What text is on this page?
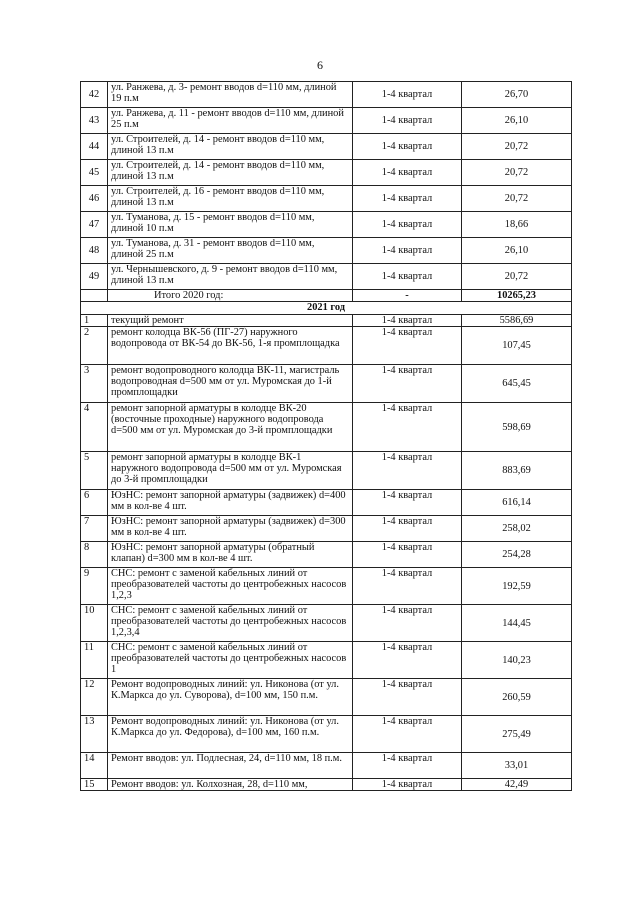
6
42	ул. Ранжева, д. 3- ремонт вводов d=110 мм, длиной 19 п.м	1-4 квартал	26,70
43	ул. Ранжева, д. 11 - ремонт вводов d=110 мм, длиной 25 п.м	1-4 квартал	26,10
44	ул. Строителей, д. 14 - ремонт вводов d=110 мм, длиной 13 п.м	1-4 квартал	20,72
45	ул. Строителей, д. 14 - ремонт вводов d=110 мм, длиной 13 п.м	1-4 квартал	20,72
46	ул. Строителей, д. 16 - ремонт вводов d=110 мм, длиной 13 п.м	1-4 квартал	20,72
47	ул. Туманова, д. 15 - ремонт вводов d=110 мм, длиной 10 п.м	1-4 квартал	18,66
48	ул. Туманова, д. 31 - ремонт вводов d=110 мм, длиной 25 п.м	1-4 квартал	26,10
49	ул. Чернышевского, д. 9 - ремонт вводов d=110 мм, длиной 13 п.м	1-4 квартал	20,72
	Итого 2020 год:	-	10265,23
2021 год			
1	текущий ремонт	1-4 квартал	5586,69
2	ремонт колодца ВК-56 (ПГ-27) наружного водопровода от ВК-54 до ВК-56, 1-я промплощадка	1-4 квартал	107,45
3	ремонт водопроводного колодца ВК-11, магистраль водопроводная d=500 мм от ул. Муромская до 1-й промплощадки	1-4 квартал	645,45
4	ремонт запорной арматуры в колодце ВК-20 (восточные проходные) наружного водопровода d=500 мм от ул. Муромская до 3-й промплощадки	1-4 квартал	598,69
5	ремонт запорной арматуры в колодце ВК-1 наружного водопровода d=500 мм от ул. Муромская до 3-й промплощадки	1-4 квартал	883,69
6	ЮзНС: ремонт запорной арматуры (задвижек) d=400 мм в кол-ве 4 шт.	1-4 квартал	616,14
7	ЮзНС: ремонт запорной арматуры (задвижек) d=300 мм в кол-ве 4 шт.	1-4 квартал	258,02
8	ЮзНС: ремонт запорной арматуры (обратный клапан) d=300 мм в кол-ве 4 шт.	1-4 квартал	254,28
9	СНС: ремонт с заменой кабельных линий от преобразователей частоты до центробежных насосов 1,2,3	1-4 квартал	192,59
10	СНС: ремонт с заменой кабельных линий от преобразователей частоты до центробежных насосов 1,2,3,4	1-4 квартал	144,45
11	СНС: ремонт с заменой кабельных линий от преобразователей частоты до центробежных насосов 1	1-4 квартал	140,23
12	Ремонт водопроводных линий: ул. Никонова (от ул. К.Маркса до ул. Суворова), d=100 мм, 150 п.м.	1-4 квартал	260,59
13	Ремонт водопроводных линий: ул. Никонова (от ул. К.Маркса до ул. Федорова), d=100 мм, 160 п.м.	1-4 квартал	275,49
14	Ремонт вводов: ул. Подлесная, 24, d=110 мм, 18 п.м.	1-4 квартал	33,01
15	Ремонт вводов: ул. Колхозная, 28, d=110 мм,	1-4 квартал	42,49
